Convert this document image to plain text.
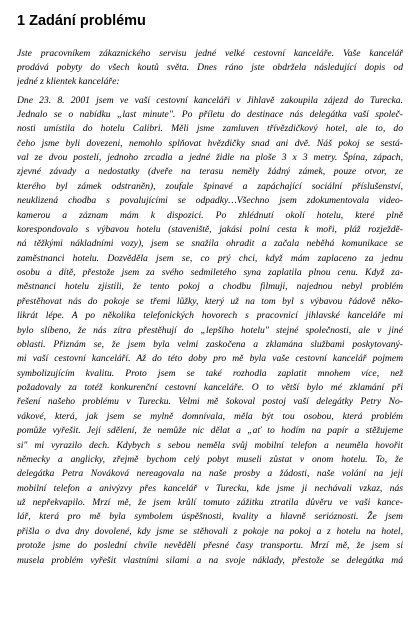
1 Zadání problému
Jste pracovníkem zákaznického servisu jedné velké cestovní kanceláře. Vaše kancelář
prodává pobyty do všech koutů světa. Dnes ráno jste obdržela následující dopis od
jedné z klientek kanceláře:
Dne 23. 8. 2001 jsem ve vaší cestovní kanceláři v Jihlavě zakoupila zájezd do Turecka.
Jednalo se o nabídku „last minute". Po příletu do destinace nás delegátka vaší společ-
nosti umístila do hotelu Calibri. Měli jsme zamluven třívězdičkový hotel, ale to, do
čeho jsme byli dovezeni, nemohlo splňovat hvězdičky snad ani dvě. Náš pokoj se sestá-
val ze dvou postelí, jednoho zrcadla a jedné židle na ploše 3 x 3 metry. Špína, zápach,
zjevné závady a nedostatky (dveře na terasu neměly žádný zámek, pouze otvor, ze
kterého byl zámek odstraněn), zoufale špinavé a zapáchající sociální příslušenství,
neuklizená chodba s povalujícími se odpadky…Všechno jsem zdokumentovala video-
kamerou a záznam mám k dispozici. Po zhlédnutí okolí hotelu, které plně
korespondovalo s výbavou hotelu (staveniště, jakási polní cesta k moři, pláž rozježdě-
ná těžkými nákladními vozy), jsem se snažila ohradit a začala neběhá komunikace se
zaměstnanci hotelu. Dozvěděla jsem se, co prý chci, když mám zaplaceno za jednu
osobu a dítě, přestože jsem za svého sedmiletého syna zaplatila plnou cenu. Když za-
městnanci hotelu zjistili, že tento pokoj a chodbu filmuji, najednou nebyl problém
přestěhovat nás do pokoje se třemi lůžky, který už na tom byl s výbavou řádově něko-
likrát lépe. A po několika telefonických hovorech s pracovnicí jihlavské kanceláře mi
bylo slíbeno, že nás zítra přestěhují do „lepšího hotelu" stejné společnosti, ale v jiné
oblasti. Přiznám se, že jsem byla velmi zaskočena a zklamána službami poskytovaný-
mi vaší cestovní kanceláří. Až do této doby pro mě byla vaše cestovní kancelář pojmem
symbolizujícím kvalitu. Proto jsem se také rozhodla zaplatit mnohem více, než
požadovaly za totéž konkurenční cestovní kanceláře. O to větší bylo mé zklamání při
řešení našeho problému v Turecku. Velmi mě šokoval postoj vaší delegátky Petry No-
vákové, která, jak jsem se mylně domnívala, měla být tou osobou, která problém
pomůže vyřešit. Její sdělení, že nemůže nic dělat a „ať to hodím na papír a stěžujeme
si" mi vyrazilo dech. Kdybych s sebou neměla svůj mobilní telefon a neuměla hovořit
německy a anglicky, zřejmě bychom celý pobyt museli zůstat v onom hotelu. To, že
delegátka Petra Nováková nereagovala na naše prosby a žádosti, naše volání na její
mobilní telefon a anivýzvy přes kancelář v Turecku, kde jsme ji nechávali vzkaz, nás
už nepřekvapilo. Mrzí mě, že jsem krůlí tomuto zážitku ztratila důvěru ve vaši kance-
lář, která pro mě byla symbolem úspěšnosti, kvality a hlavně serióznosti. Že jsem
přišla o dva dny dovolené, kdy jsme se stěhovali z pokoje na pokoj a z hotelu na hotel,
protože jsme do poslední chvíle nevěděli přesné časy transportu. Mrzí mě, že jsem si
musela problém vyřešit vlastními silami a na svoje náklady, přestože se delegátka má
